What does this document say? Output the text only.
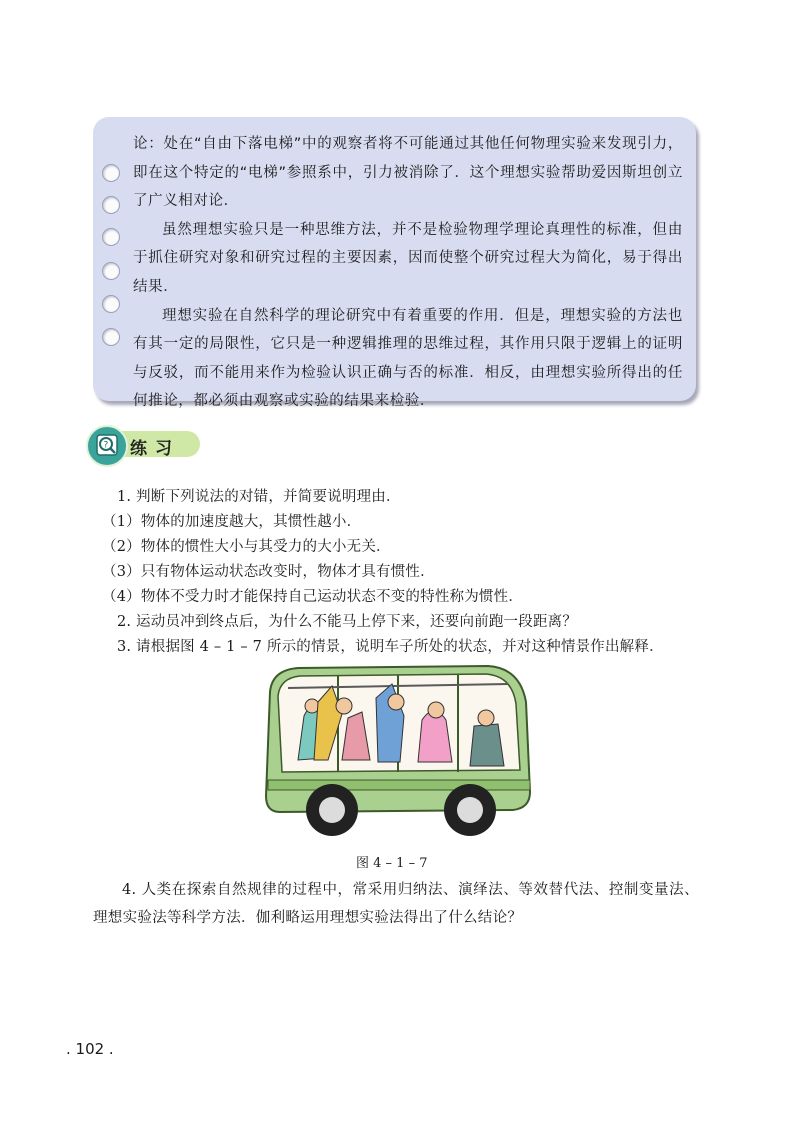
论：处在“自由下落电梯”中的观察者将不可能通过其他任何物理实验来发现引力，即在这个特定的“电梯”参照系中，引力被消除了．这个理想实验帮助爱因斯坦创立了广义相对论．

虽然理想实验只是一种思维方法，并不是检验物理学理论真理性的标准，但由于抓住研究对象和研究过程的主要因素，因而使整个研究过程大为简化，易于得出结果．

理想实验在自然科学的理论研究中有着重要的作用．但是，理想实验的方法也有其一定的局限性，它只是一种逻辑推理的思维过程，其作用只限于逻辑上的证明与反驳，而不能用来作为检验认识正确与否的标准．相反，由理想实验所得出的任何推论，都必须由观察或实验的结果来检验．

? 练习
1. 判断下列说法的对错，并简要说明理由．
（1）物体的加速度越大，其惯性越小．
（2）物体的惯性大小与其受力的大小无关．
（3）只有物体运动状态改变时，物体才具有惯性．
（4）物体不受力时才能保持自己运动状态不变的特性称为惯性．
2. 运动员冲到终点后，为什么不能马上停下来，还要向前跑一段距离？
3. 请根据图 4 – 1 – 7 所示的情景，说明车子所处的状态，并对这种情景作出解释．
图 4 – 1 – 7
4. 人类在探索自然规律的过程中，常采用归纳法、演绎法、等效替代法、控制变量法、理想实验法等科学方法．伽利略运用理想实验法得出了什么结论？
. 102 .
